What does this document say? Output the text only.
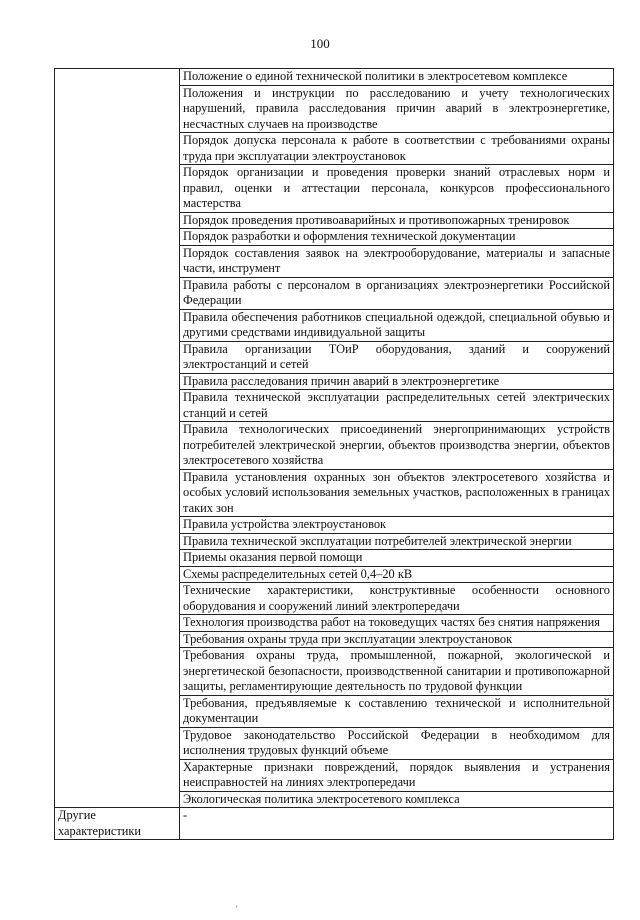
100
	Положение о единой технической политики в электросетевом комплексе
	Положения и инструкции по расследованию и учету технологических нарушений, правила расследования причин аварий в электроэнергетике, несчастных случаев на производстве
	Порядок допуска персонала к работе в соответствии с требованиями охраны труда при эксплуатации электроустановок
	Порядок организации и проведения проверки знаний отраслевых норм и правил, оценки и аттестации персонала, конкурсов профессионального мастерства
	Порядок проведения противоаварийных и противопожарных тренировок
	Порядок разработки и оформления технической документации
	Порядок составления заявок на электрооборудование, материалы и запасные части, инструмент
	Правила работы с персоналом в организациях электроэнергетики Российской Федерации
	Правила обеспечения работников специальной одеждой, специальной обувью и другими средствами индивидуальной защиты
	Правила организации ТОиР оборудования, зданий и сооружений электростанций и сетей
	Правила расследования причин аварий в электроэнергетике
	Правила технической эксплуатации распределительных сетей электрических станций и сетей
	Правила технологических присоединений энергопринимающих устройств потребителей электрической энергии, объектов производства энергии, объектов электросетевого хозяйства
	Правила установления охранных зон объектов электросетевого хозяйства и особых условий использования земельных участков, расположенных в границах таких зон
	Правила устройства электроустановок
	Правила технической эксплуатации потребителей электрической энергии
	Приемы оказания первой помощи
	Схемы распределительных сетей 0,4–20 кВ
	Технические характеристики, конструктивные особенности основного оборудования и сооружений линий электропередачи
	Технология производства работ на токоведущих частях без снятия напряжения
	Требования охраны труда при эксплуатации электроустановок
	Требования охраны труда, промышленной, пожарной, экологической и энергетической безопасности, производственной санитарии и противопожарной защиты, регламентирующие деятельность по трудовой функции
	Требования, предъявляемые к составлению технической и исполнительной документации
	Трудовое законодательство Российской Федерации в необходимом для исполнения трудовых функций объеме
	Характерные признаки повреждений, порядок выявления и устранения неисправностей на линиях электропередачи
	Экологическая политика электросетевого комплекса
Другие характеристики	-
'
